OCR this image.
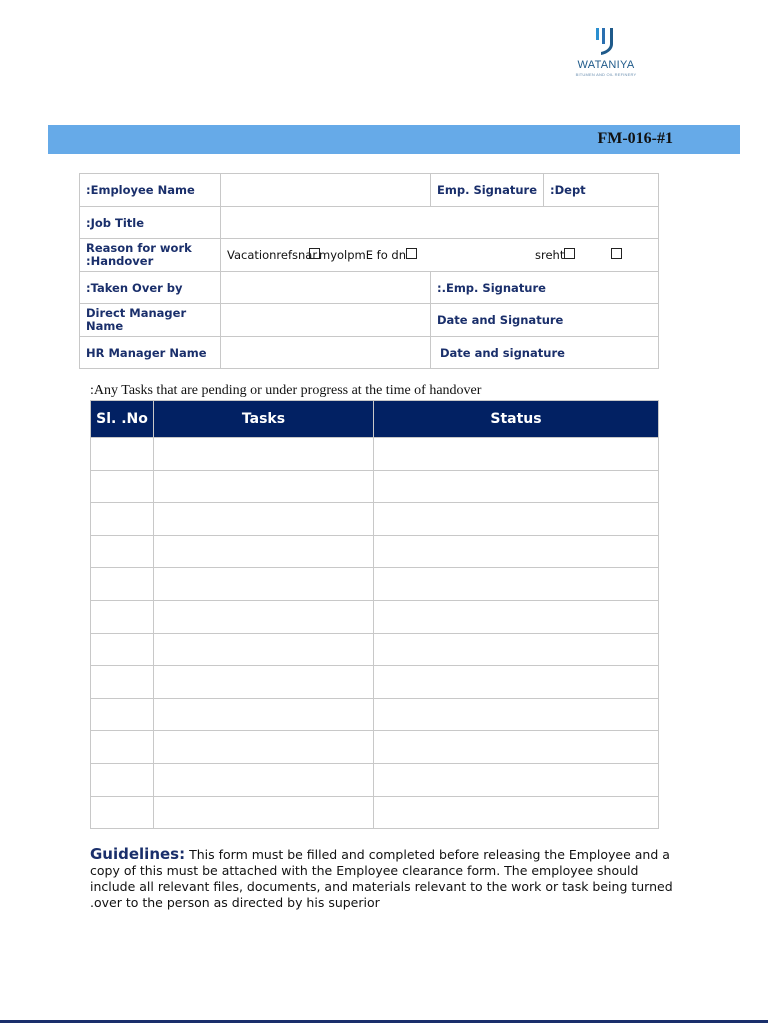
WATANIYA
BITUMEN AND OIL REFINERY
FM-016-#1
:Employee Name		Emp. Signature	:Dept
:Job Title			

Reason for work :Handover	Vacationrefsnar myolpmE fo dn sreht		

:Taken Over by		:.Emp. Signature	

Direct Manager Name		Date and Signature	
HR Manager Name		Date and signature	
:Any Tasks that are pending or under progress at the time of handover
Sl. .No	Tasks	Status

Guidelines: This form must be filled and completed before releasing the Employee and a copy of this must be attached with the Employee clearance form. The employee should include all relevant files, documents, and materials relevant to the work or task being turned
.over to the person as directed by his superior
